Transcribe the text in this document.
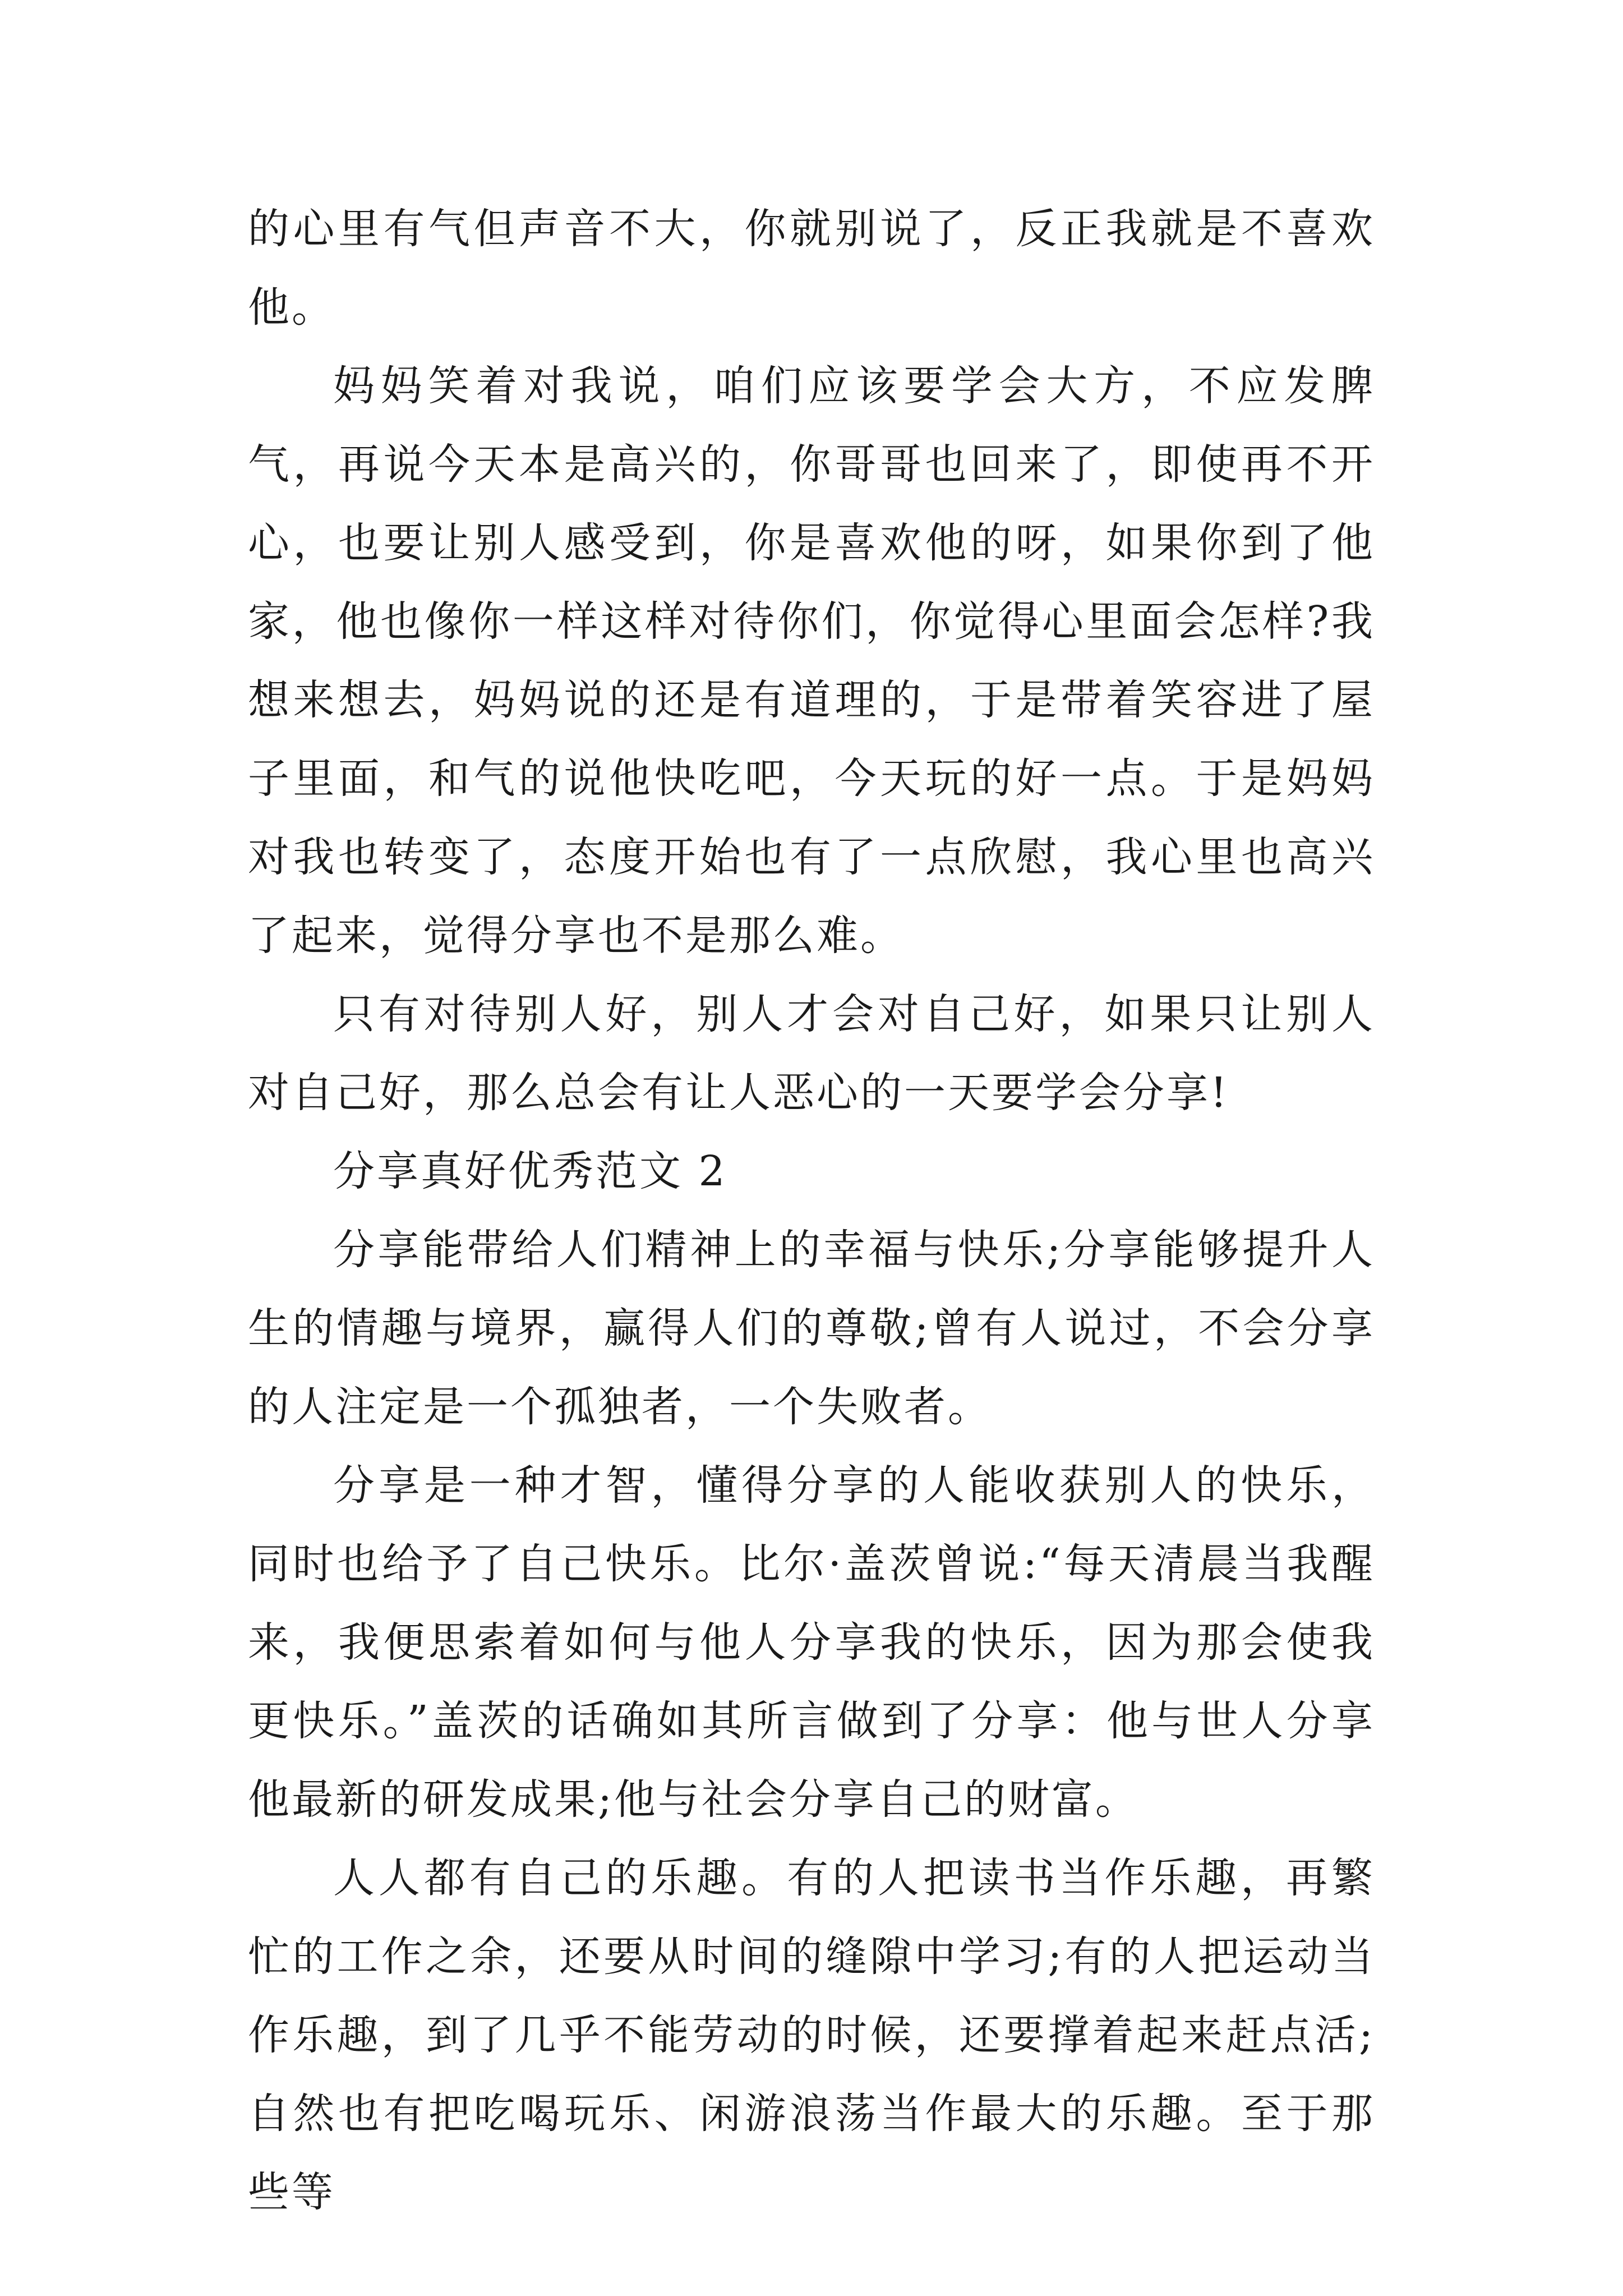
的心里有气但声音不大，你就别说了，反正我就是不喜欢他。

妈妈笑着对我说，咱们应该要学会大方，不应发脾气，再说今天本是高兴的，你哥哥也回来了，即使再不开心，也要让别人感受到，你是喜欢他的呀，如果你到了他家，他也像你一样这样对待你们，你觉得心里面会怎样?我想来想去，妈妈说的还是有道理的，于是带着笑容进了屋子里面，和气的说他快吃吧，今天玩的好一点。于是妈妈对我也转变了，态度开始也有了一点欣慰，我心里也高兴了起来，觉得分享也不是那么难。

只有对待别人好，别人才会对自己好，如果只让别人对自己好，那么总会有让人恶心的一天要学会分享!

分享真好优秀范文 2

分享能带给人们精神上的幸福与快乐;分享能够提升人生的情趣与境界，赢得人们的尊敬;曾有人说过，不会分享的人注定是一个孤独者，一个失败者。

分享是一种才智，懂得分享的人能收获别人的快乐，同时也给予了自己快乐。比尔·盖茨曾说:“每天清晨当我醒来，我便思索着如何与他人分享我的快乐，因为那会使我更快乐。”盖茨的话确如其所言做到了分享：他与世人分享他最新的研发成果;他与社会分享自己的财富。

人人都有自己的乐趣。有的人把读书当作乐趣，再繁忙的工作之余，还要从时间的缝隙中学习;有的人把运动当作乐趣，到了几乎不能劳动的时候，还要撑着起来赶点活;自然也有把吃喝玩乐、闲游浪荡当作最大的乐趣。至于那些等
